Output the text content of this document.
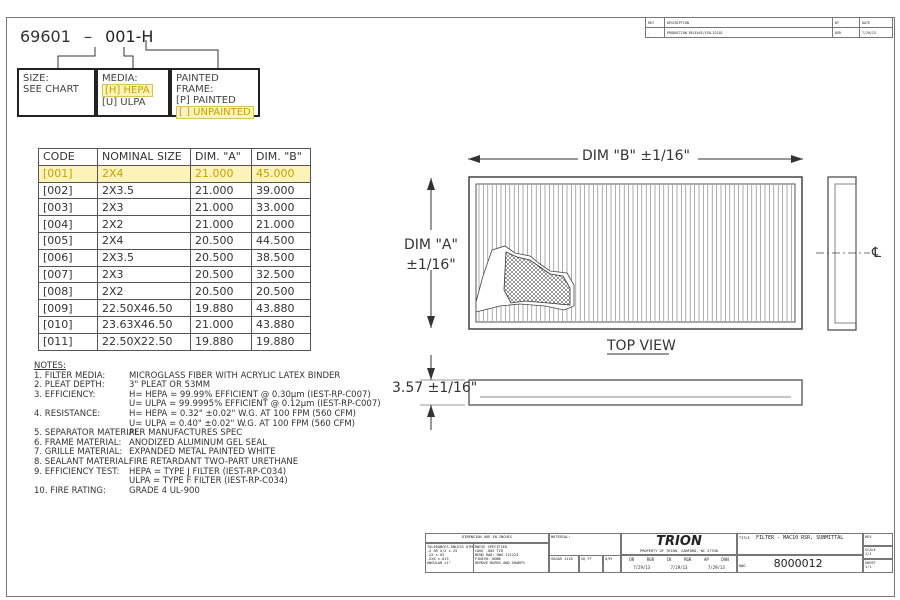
REV	DESCRIPTION	BY	DATE
-	PRODUCTION RELEASE/ECN-52102	RGR	7/29/13
69601 – 001-H
SIZE:
SEE CHART
MEDIA:
[H] HEPA
[U] ULPA
PAINTED FRAME:
[P] PAINTED
[ ] UNPAINTED
CODE	NOMINAL SIZE	DIM. "A"	DIM. "B"
[001]	2X4	21.000	45.000
[002]	2X3.5	21.000	39.000
[003]	2X3	21.000	33.000
[004]	2X2	21.000	21.000
[005]	2X4	20.500	44.500
[006]	2X3.5	20.500	38.500
[007]	2X3	20.500	32.500
[008]	2X2	20.500	20.500
[009]	22.50X46.50	19.880	43.880
[010]	23.63X46.50	21.000	43.880
[011]	22.50X22.50	19.880	19.880
NOTES:
1. FILTER MEDIA:	MICROGLASS FIBER WITH ACRYLIC LATEX BINDER
2. PLEAT DEPTH:	3" PLEAT OR 53MM
3. EFFICIENCY:	H= HEPA = 99.99% EFFICIENT @ 0.30µm (IEST-RP-C007)
U= ULPA = 99.9995% EFFICIENT @ 0.12µm (IEST-RP-C007)
4. RESISTANCE:	H= HEPA = 0.32" ±0.02" W.G. AT 100 FPM (560 CFM)
U= ULPA = 0.40" ±0.02" W.G. AT 100 FPM (560 CFM)
5. SEPARATOR MATERIAL:
PER MANUFACTURES SPEC
6. FRAME MATERIAL: ANODIZED ALUMINUM GEL SEAL
7. GRILLE MATERIAL: EXPANDED METAL PAINTED WHITE
8. SEALANT MATERIAL:
FIRE RETARDANT TWO-PART URETHANE
9. EFFICIENCY TEST:	HEPA = TYPE J FILTER (IEST-RP-C034)
ULPA = TYPE F FILTER (IEST-RP-C034)
10. FIRE RATING:	GRADE 4 UL-900
DIM "B" ±1/16"
DIM "A"
±1/16"
3.57 ±1/16"
TOP VIEW
℄
DIMENSION ARE IN INCHES
TOLERANCES-UNLESS OTHERWISE SPECIFIED
.X OR X/X ±.25
.XX ±.03
.XXX ±.015
ANGULAR ±1°
CONC .005 TIR
BEND RAD: DWG 121223
FINISH: NONE
REMOVE BURRS AND SHARPS
MATERIAL:
SUGAR 1118	SQ FT	U/M
TRION
PROPERTY OF TRION, SANFORD, NC 27330
DR	RGR	CK	RGR	AP	DAN
7/29/13	7/29/13	7/29/13
TITLE FILTER - MAC10 RSR, SUBMITTAL
DWG	8000012
REV
-
SCALE
1/1
SHEET
1/1
